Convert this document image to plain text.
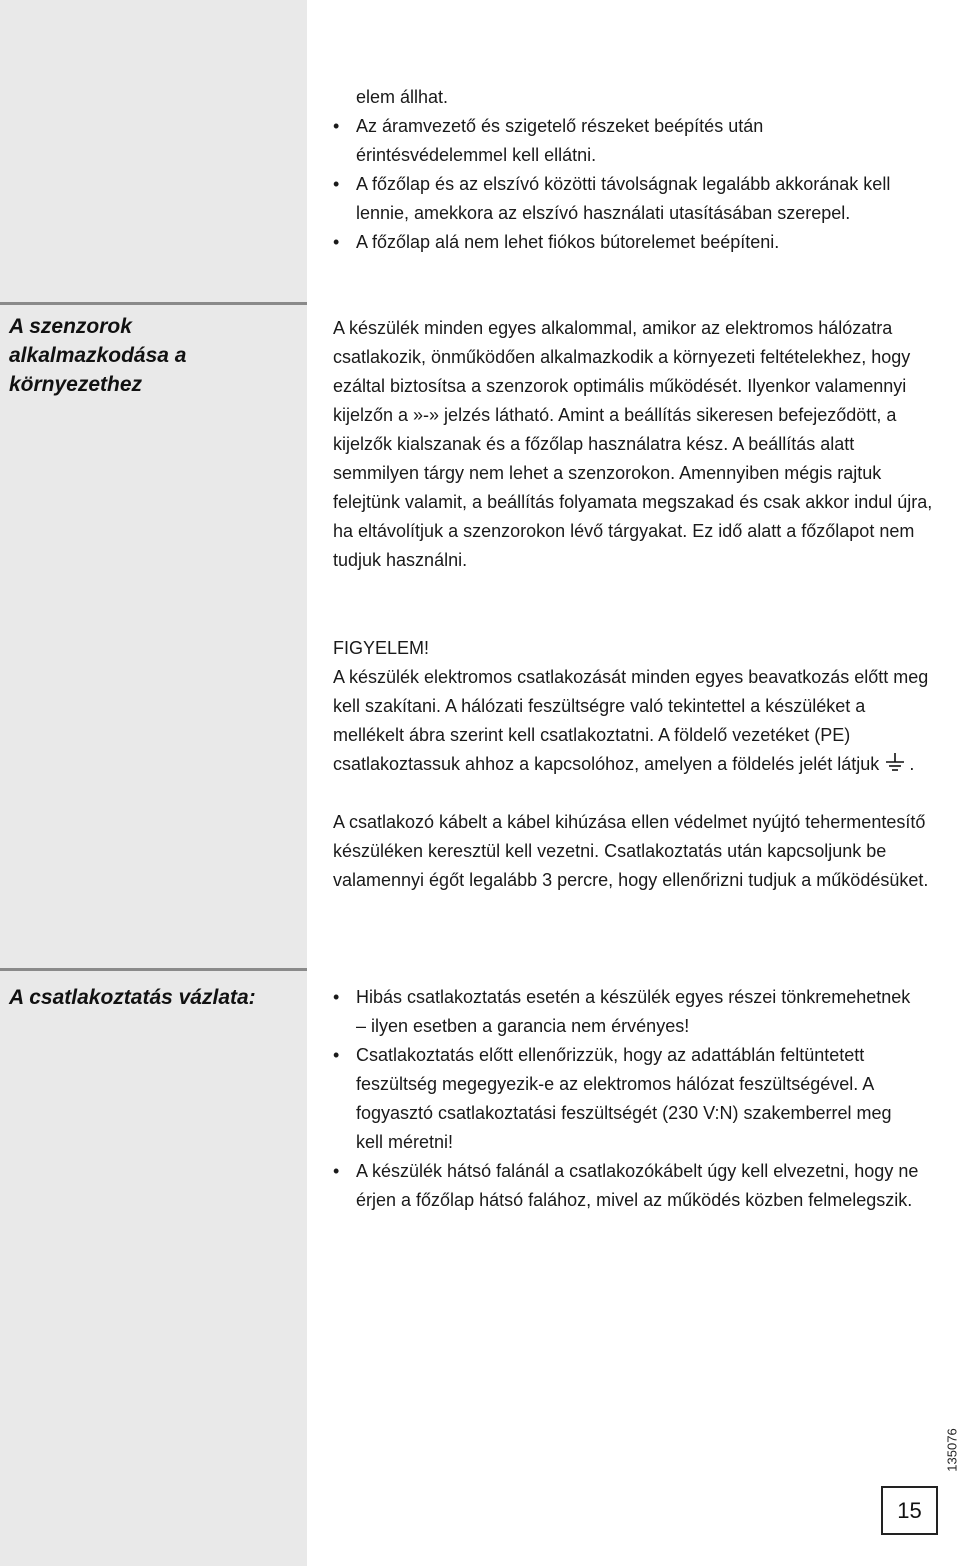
elem állhat.
• Az áramvezető és szigetelő részeket beépítés után érintésvédelemmel kell ellátni.
• A főzőlap és az elszívó közötti távolságnak legalább akkorának kell lennie, amekkora az elszívó használati utasításában szerepel.
• A főzőlap alá nem lehet fiókos bútorelemet beépíteni.
A szenzorok alkalmazkodása a környezethez

A készülék minden egyes alkalommal, amikor az elektromos hálózatra csatlakozik, önműködően alkalmazkodik a környezeti feltételekhez, hogy ezáltal biztosítsa a szenzorok optimális működését. Ilyenkor valamennyi kijelzőn a »-» jelzés látható. Amint a beállítás sikeresen befejeződött, a kijelzők kialszanak és a főzőlap használatra kész. A beállítás alatt semmilyen tárgy nem lehet a szenzorokon. Amennyiben mégis rajtuk felejtünk valamit, a beállítás folyamata megszakad és csak akkor indul újra, ha eltávolítjuk a szenzorokon lévő tárgyakat. Ez idő alatt a főzőlapot nem tudjuk használni.

FIGYELEM!

A készülék elektromos csatlakozását minden egyes beavatkozás előtt meg kell szakítani. A hálózati feszültségre való tekintettel a készüléket a mellékelt ábra szerint kell csatlakoztatni. A földelő vezetéket (PE) csatlakoztassuk ahhoz a kapcsolóhoz, amelyen a földelés jelét látjuk .

A csatlakozó kábelt a kábel kihúzása ellen védelmet nyújtó tehermentesítő készüléken keresztül kell vezetni. Csatlakoztatás után kapcsoljunk be valamennyi égőt legalább 3 percre, hogy ellenőrizni tudjuk a működésüket.

A csatlakoztatás vázlata:	• Hibás csatlakoztatás esetén a készülék egyes részei tönkremehetnek – ilyen esetben a garancia nem érvényes!
• Csatlakoztatás előtt ellenőrizzük, hogy az adattáblán feltüntetett feszültség megegyezik-e az elektromos hálózat feszültségével. A fogyasztó csatlakoztatási feszültségét (230 V:N) szakemberrel meg kell méretni!
• A készülék hátsó falánál a csatlakozókábelt úgy kell elvezetni, hogy ne érjen a főzőlap hátsó falához, mivel az működés közben felmelegszik.
135076
15
